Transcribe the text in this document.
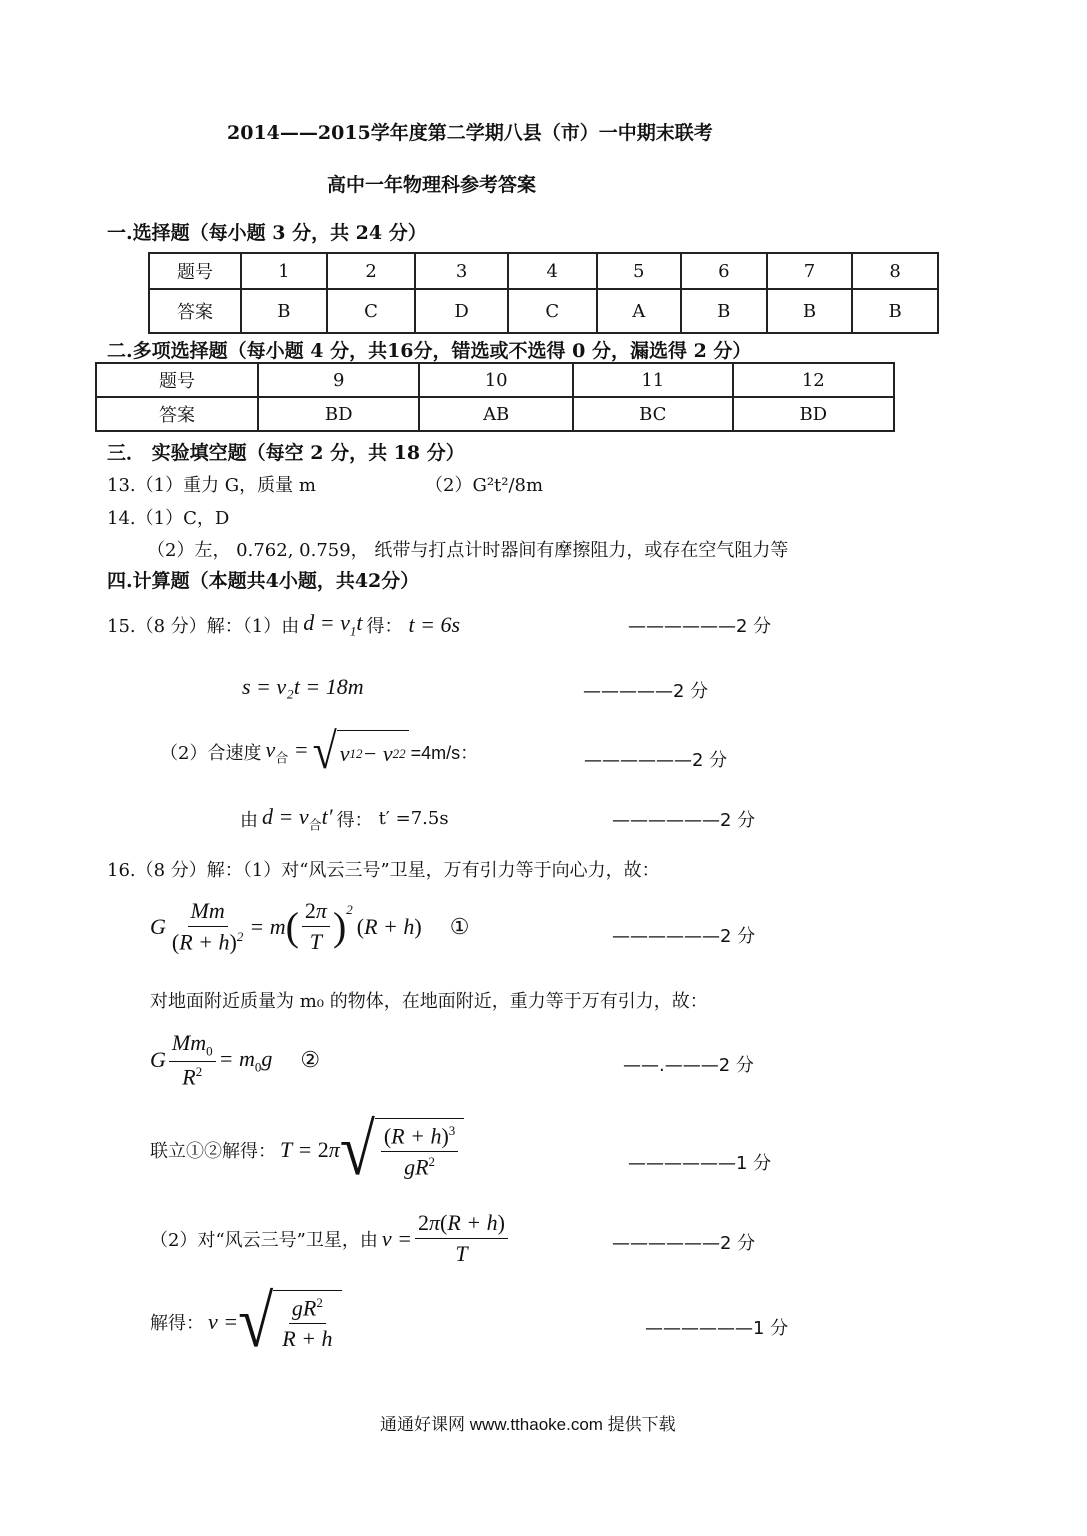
2014——2015学年度第二学期八县（市）一中期末联考
高中一年物理科参考答案
一.选择题（每小题 3 分，共 24 分）
题号	1	2	3	4	5	6	7	8
答案	B	C	D	C	A	B	B	B
二.多项选择题（每小题 4 分，共16分，错选或不选得 0 分，漏选得 2 分）
题号	9	10	11	12
答案	BD	AB	BC	BD
三． 实验填空题（每空 2 分，共 18 分）
13.（1）重力 G，质量 m	（2）G²t²/8m
14.（1）C，D
（2）左， 0.762, 0.759， 纸带与打点计时器间有摩擦阻力，或存在空气阻力等
四.计算题（本题共4小题，共42分）
15.（8 分）解：（1）由 $d = v_1t$ 得： t = 6s	——————2 分
s = v₂t = 18m	—————2 分
（2）合速度 $v_合$ = √ v 1 2 − v 2 2 =4m/s：	——————2 分
由 $d = v_合t'$ 得： t′ =7.5s	——————2 分
16.（8 分）解：（1）对“风云三号”卫星，万有引力等于向心力，故：
G $\frac{Mm}{(R + h)^2} = m$ ( $\frac{2\pi}{T} )^2$
(R + h) ①	——————2 分
对地面附近质量为 m₀ 的物体，在地面附近，重力等于万有引力，故：
G $\frac{Mm_0}{R^2} = m_0g$ ②	——.———2 分
联立①②解得： T = 2π √ $\frac{(R + h)^3}{gR^2}$	——————1 分
（2）对“风云三号”卫星，由 $v = \frac{2\pi(R + h)}{T}$	——————2 分
解得： v = √ $\frac{gR^2}{R + h}$	——————1 分
通通好课网 www.tthaoke.com 提供下载
